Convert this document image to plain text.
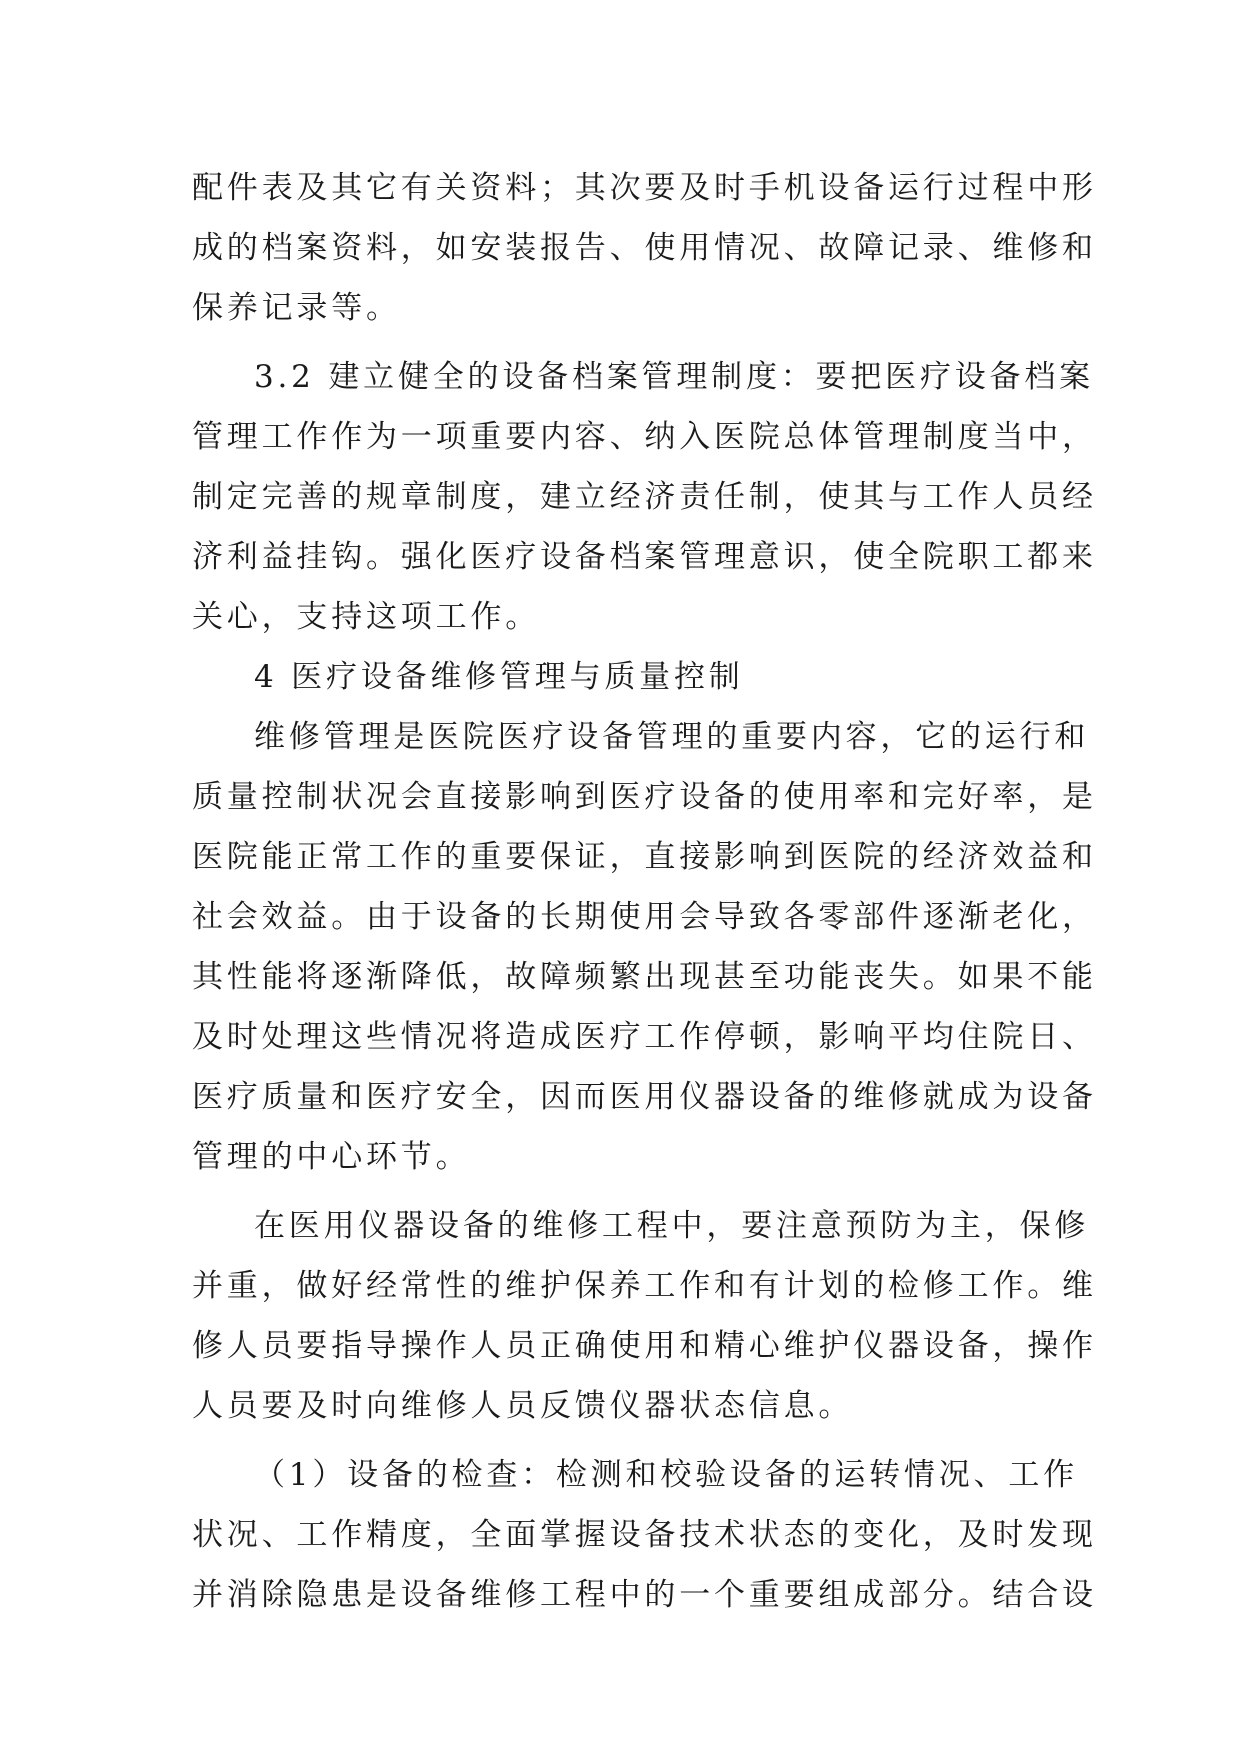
配件表及其它有关资料；其次要及时手机设备运行过程中形
成的档案资料，如安装报告、使用情况、故障记录、维修和
保养记录等。
3.2 建立健全的设备档案管理制度：要把医疗设备档案
管理工作作为一项重要内容、纳入医院总体管理制度当中，
制定完善的规章制度，建立经济责任制，使其与工作人员经
济利益挂钩。强化医疗设备档案管理意识，使全院职工都来
关心，支持这项工作。
4 医疗设备维修管理与质量控制
维修管理是医院医疗设备管理的重要内容，它的运行和
质量控制状况会直接影响到医疗设备的使用率和完好率，是
医院能正常工作的重要保证，直接影响到医院的经济效益和
社会效益。由于设备的长期使用会导致各零部件逐渐老化，
其性能将逐渐降低，故障频繁出现甚至功能丧失。如果不能
及时处理这些情况将造成医疗工作停顿，影响平均住院日、
医疗质量和医疗安全，因而医用仪器设备的维修就成为设备
管理的中心环节。
在医用仪器设备的维修工程中，要注意预防为主，保修
并重，做好经常性的维护保养工作和有计划的检修工作。维
修人员要指导操作人员正确使用和精心维护仪器设备，操作
人员要及时向维修人员反馈仪器状态信息。
（1）设备的检查：检测和校验设备的运转情况、工作
状况、工作精度，全面掌握设备技术状态的变化，及时发现
并消除隐患是设备维修工程中的一个重要组成部分。结合设
